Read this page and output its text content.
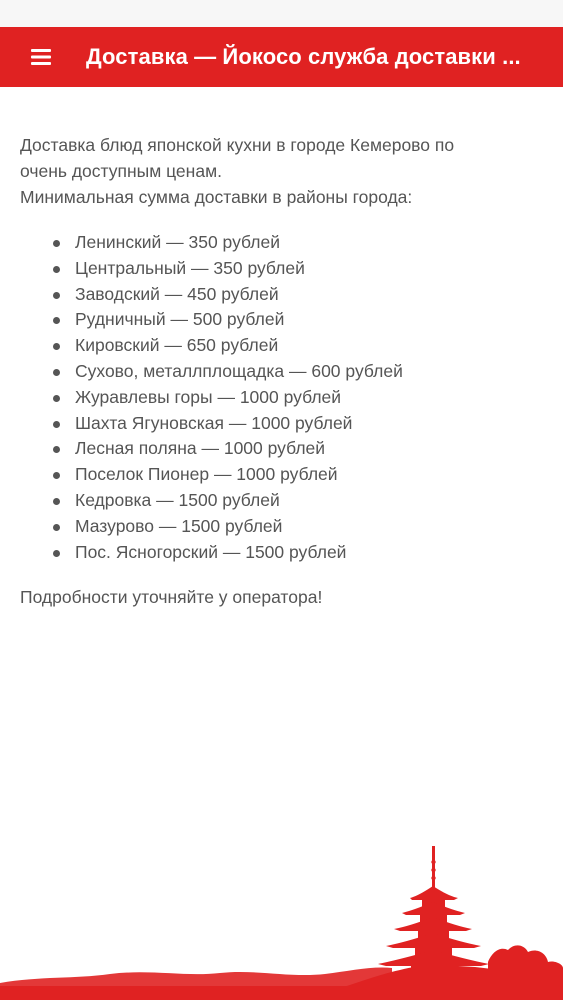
Доставка — Йокосо служба доставки ...

Доставка блюд японской кухни в городе Кемерово по

очень доступным ценам.

Минимальная сумма доставки в районы города:

Ленинский — 350 рублей
Центральный — 350 рублей
Заводский — 450 рублей
Рудничный — 500 рублей
Кировский — 650 рублей
Сухово, металлплощадка — 600 рублей
Журавлевы горы — 1000 рублей
Шахта Ягуновская — 1000 рублей
Лесная поляна — 1000 рублей
Поселок Пионер — 1000 рублей
Кедровка — 1500 рублей
Мазурово — 1500 рублей
Пос. Ясногорский — 1500 рублей

Подробности уточняйте у оператора!
